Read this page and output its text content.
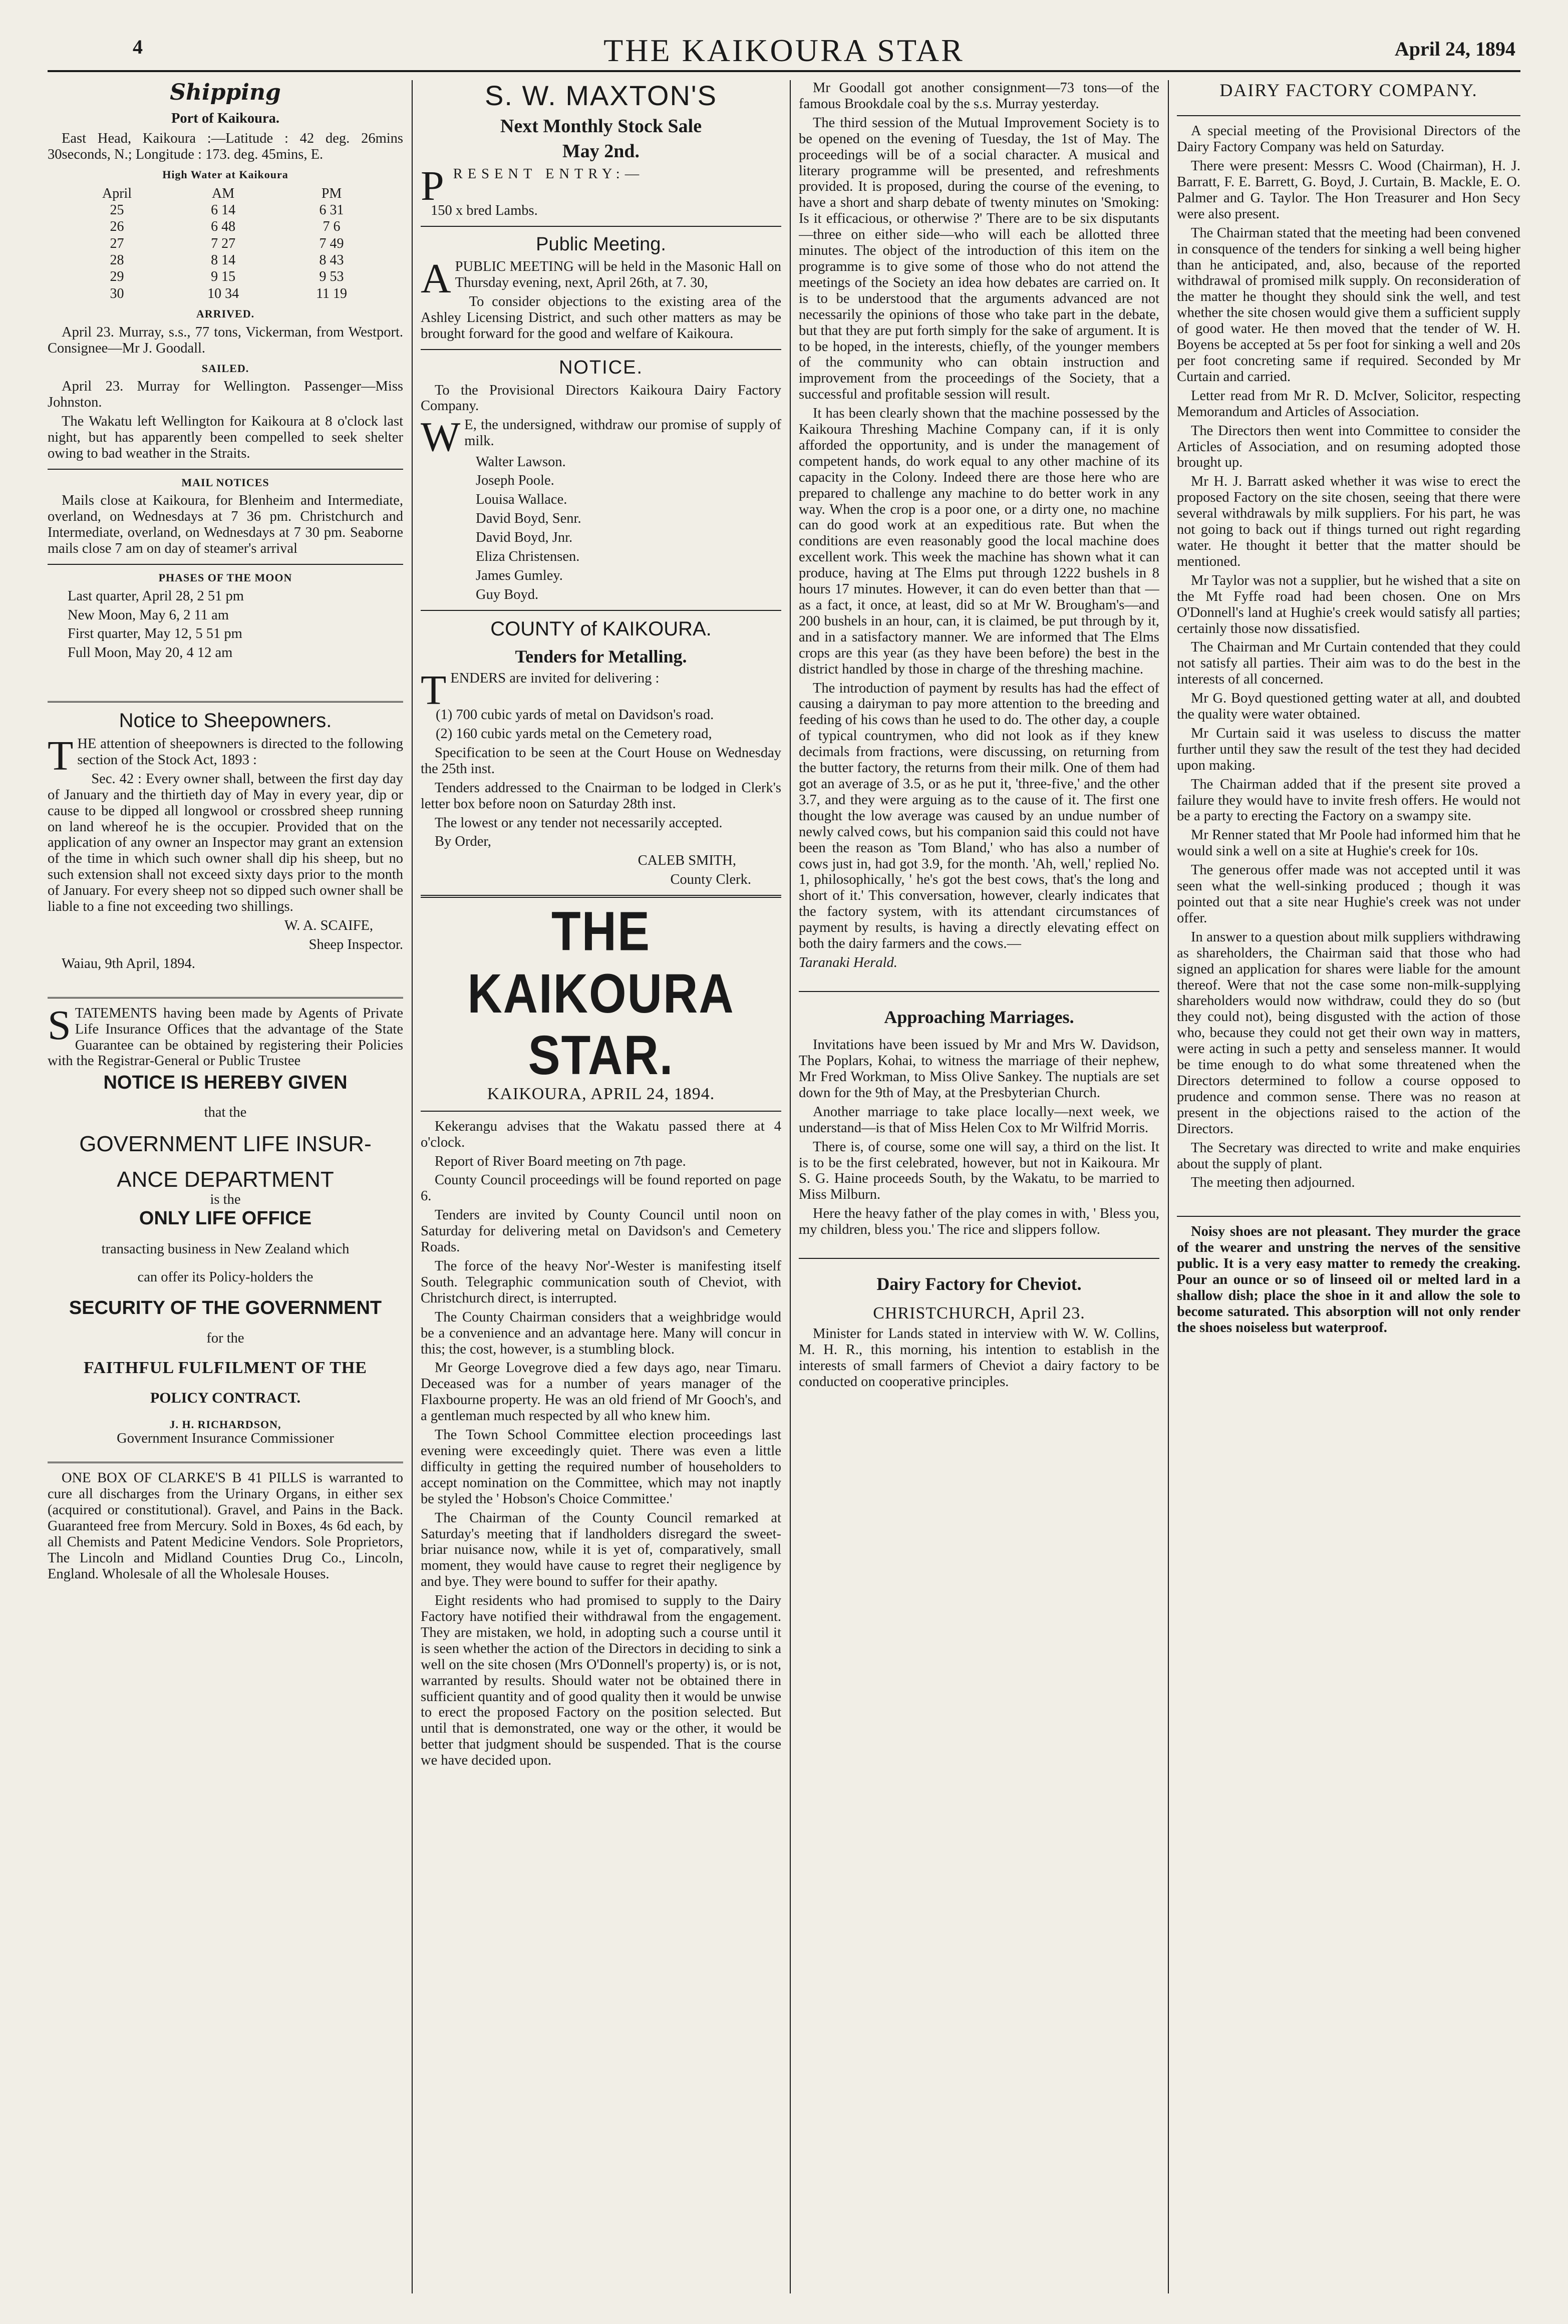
4	THE KAIKOURA STAR	April 24, 1894
Shipping
Port of Kaikoura.

East Head, Kaikoura :—Latitude : 42 deg. 26mins 30seconds, N.; Longitude : 173. deg. 45mins, E.

High Water at Kaikoura
April	AM	PM
25	6 14	6 31
26	6 48	7 6
27	7 27	7 49
28	8 14	8 43
29	9 15	9 53
30	10 34	11 19
ARRIVED.

April 23. Murray, s.s., 77 tons, Vickerman, from Westport. Consignee—Mr J. Goodall.

SAILED.

April 23. Murray for Wellington. Passenger—Miss Johnston.

The Wakatu left Wellington for Kaikoura at 8 o'clock last night, but has apparently been compelled to seek shelter owing to bad weather in the Straits.

MAIL NOTICES

Mails close at Kaikoura, for Blenheim and Intermediate, overland, on Wednesdays at 7 36 pm. Christchurch and Intermediate, overland, on Wednesdays at 7 30 pm. Seaborne mails close 7 am on day of steamer's arrival

PHASES OF THE MOON

Last quarter, April 28, 2 51 pm

New Moon, May 6, 2 11 am

First quarter, May 12, 5 51 pm

Full Moon, May 20, 4 12 am

Notice to Sheepowners.

THE attention of sheepowners is directed to the following section of the Stock Act, 1893 :

Sec. 42 : Every owner shall, between the first day day of January and the thirtieth day of May in every year, dip or cause to be dipped all longwool or crossbred sheep running on land whereof he is the occupier. Provided that on the application of any owner an Inspector may grant an extension of the time in which such owner shall dip his sheep, but no such extension shall not exceed sixty days prior to the month of January. For every sheep not so dipped such owner shall be liable to a fine not exceeding two shillings.

W. A. SCAIFE,

Sheep Inspector.

Waiau, 9th April, 1894.

STATEMENTS having been made by Agents of Private Life Insurance Offices that the advantage of the State Guarantee can be obtained by registering their Policies with the Registrar-General or Public Trustee

NOTICE IS HEREBY GIVEN
that the
GOVERNMENT LIFE INSUR-
ANCE DEPARTMENT
is the
ONLY LIFE OFFICE
transacting business in New Zealand which
can offer its Policy-holders the
SECURITY OF THE GOVERNMENT
for the
FAITHFUL FULFILMENT OF THE
POLICY CONTRACT.
J. H. RICHARDSON,
Government Insurance Commissioner

ONE BOX OF CLARKE'S B 41 PILLS is warranted to cure all discharges from the Urinary Organs, in either sex (acquired or constitutional). Gravel, and Pains in the Back. Guaranteed free from Mercury. Sold in Boxes, 4s 6d each, by all Chemists and Patent Medicine Vendors. Sole Proprietors, The Lincoln and Midland Counties Drug Co., Lincoln, England. Wholesale of all the Wholesale Houses.

S. W. MAXTON'S
Next Monthly Stock Sale
May 2nd.

PRESENT ENTRY:—

150 x bred Lambs.

Public Meeting.

APUBLIC MEETING will be held in the Masonic Hall on Thursday evening, next, April 26th, at 7. 30,

To consider objections to the existing area of the Ashley Licensing District, and such other matters as may be brought forward for the good and welfare of Kaikoura.

NOTICE.

To the Provisional Directors Kaikoura Dairy Factory Company.

W E, the undersigned, withdraw our promise of supply of milk.

Walter Lawson.

Joseph Poole.

Louisa Wallace.

David Boyd, Senr.

David Boyd, Jnr.

Eliza Christensen.

James Gumley.

Guy Boyd.

COUNTY of KAIKOURA.
Tenders for Metalling.

TENDERS are invited for delivering :

(1) 700 cubic yards of metal on Davidson's road.

(2) 160 cubic yards metal on the Cemetery road,

Specification to be seen at the Court House on Wednesday the 25th inst.

Tenders addressed to the Cnairman to be lodged in Clerk's letter box before noon on Saturday 28th inst.

The lowest or any tender not necessarily accepted.

By Order,

CALEB SMITH,

County Clerk.

THE KAIKOURA STAR.
KAIKOURA, APRIL 24, 1894.

Kekerangu advises that the Wakatu passed there at 4 o'clock.

Report of River Board meeting on 7th page.

County Council proceedings will be found reported on page 6.

Tenders are invited by County Council until noon on Saturday for delivering metal on Davidson's and Cemetery Roads.

The force of the heavy Nor'-Wester is manifesting itself South. Telegraphic communication south of Cheviot, with Christchurch direct, is interrupted.

The County Chairman considers that a weighbridge would be a convenience and an advantage here. Many will concur in this; the cost, however, is a stumbling block.

Mr George Lovegrove died a few days ago, near Timaru. Deceased was for a number of years manager of the Flaxbourne property. He was an old friend of Mr Gooch's, and a gentleman much respected by all who knew him.

The Town School Committee election proceedings last evening were exceedingly quiet. There was even a little difficulty in getting the required number of householders to accept nomination on the Committee, which may not inaptly be styled the ' Hobson's Choice Committee.'

The Chairman of the County Council remarked at Saturday's meeting that if landholders disregard the sweet-briar nuisance now, while it is yet of, comparatively, small moment, they would have cause to regret their negligence by and bye. They were bound to suffer for their apathy.

Eight residents who had promised to supply to the Dairy Factory have notified their withdrawal from the engagement. They are mistaken, we hold, in adopting such a course until it is seen whether the action of the Directors in deciding to sink a well on the site chosen (Mrs O'Donnell's property) is, or is not, warranted by results. Should water not be obtained there in sufficient quantity and of good quality then it would be unwise to erect the proposed Factory on the position selected. But until that is demonstrated, one way or the other, it would be better that judgment should be suspended. That is the course we have decided upon.

Mr Goodall got another consignment—73 tons—of the famous Brookdale coal by the s.s. Murray yesterday.

The third session of the Mutual Improvement Society is to be opened on the evening of Tuesday, the 1st of May. The proceedings will be of a social character. A musical and literary programme will be presented, and refreshments provided. It is proposed, during the course of the evening, to have a short and sharp debate of twenty minutes on 'Smoking: Is it efficacious, or otherwise ?' There are to be six disputants—three on either side—who will each be allotted three minutes. The object of the introduction of this item on the programme is to give some of those who do not attend the meetings of the Society an idea how debates are carried on. It is to be understood that the arguments advanced are not necessarily the opinions of those who take part in the debate, but that they are put forth simply for the sake of argument. It is to be hoped, in the interests, chiefly, of the younger members of the community who can obtain instruction and improvement from the proceedings of the Society, that a successful and profitable session will result.

It has been clearly shown that the machine possessed by the Kaikoura Threshing Machine Company can, if it is only afforded the opportunity, and is under the management of competent hands, do work equal to any other machine of its capacity in the Colony. Indeed there are those here who are prepared to challenge any machine to do better work in any way. When the crop is a poor one, or a dirty one, no machine can do good work at an expeditious rate. But when the conditions are even reasonably good the local machine does excellent work. This week the machine has shown what it can produce, having at The Elms put through 1222 bushels in 8 hours 17 minutes. However, it can do even better than that —as a fact, it once, at least, did so at Mr W. Brougham's—and 200 bushels in an hour, can, it is claimed, be put through by it, and in a satisfactory manner. We are informed that The Elms crops are this year (as they have been before) the best in the district handled by those in charge of the threshing machine.

The introduction of payment by results has had the effect of causing a dairyman to pay more attention to the breeding and feeding of his cows than he used to do. The other day, a couple of typical countrymen, who did not look as if they knew decimals from fractions, were discussing, on returning from the butter factory, the returns from their milk. One of them had got an average of 3.5, or as he put it, 'three-five,' and the other 3.7, and they were arguing as to the cause of it. The first one thought the low average was caused by an undue number of newly calved cows, but his companion said this could not have been the reason as 'Tom Bland,' who has also a number of cows just in, had got 3.9, for the month. 'Ah, well,' replied No. 1, philosophically, ' he's got the best cows, that's the long and short of it.' This conversation, however, clearly indicates that the factory system, with its attendant circumstances of payment by results, is having a directly elevating effect on both the dairy farmers and the cows.—

Taranaki Herald.

Approaching Marriages.

Invitations have been issued by Mr and Mrs W. Davidson, The Poplars, Kohai, to witness the marriage of their nephew, Mr Fred Workman, to Miss Olive Sankey. The nuptials are set down for the 9th of May, at the Presbyterian Church.

Another marriage to take place locally—next week, we understand—is that of Miss Helen Cox to Mr Wilfrid Morris.

There is, of course, some one will say, a third on the list. It is to be the first celebrated, however, but not in Kaikoura. Mr S. G. Haine proceeds South, by the Wakatu, to be married to Miss Milburn.

Here the heavy father of the play comes in with, ' Bless you, my children, bless you.' The rice and slippers follow.

Dairy Factory for Cheviot.
CHRISTCHURCH, April 23.

Minister for Lands stated in interview with W. W. Collins, M. H. R., this morning, his intention to establish in the interests of small farmers of Cheviot a dairy factory to be conducted on cooperative principles.

DAIRY FACTORY COMPANY.

A special meeting of the Provisional Directors of the Dairy Factory Company was held on Saturday.

There were present: Messrs C. Wood (Chairman), H. J. Barratt, F. E. Barrett, G. Boyd, J. Curtain, B. Mackle, E. O. Palmer and G. Taylor. The Hon Treasurer and Hon Secy were also present.

The Chairman stated that the meeting had been convened in consquence of the tenders for sinking a well being higher than he anticipated, and, also, because of the reported withdrawal of promised milk supply. On reconsideration of the matter he thought they should sink the well, and test whether the site chosen would give them a sufficient supply of good water. He then moved that the tender of W. H. Boyens be accepted at 5s per foot for sinking a well and 20s per foot concreting same if required. Seconded by Mr Curtain and carried.

Letter read from Mr R. D. McIver, Solicitor, respecting Memorandum and Articles of Association.

The Directors then went into Committee to consider the Articles of Association, and on resuming adopted those brought up.

Mr H. J. Barratt asked whether it was wise to erect the proposed Factory on the site chosen, seeing that there were several withdrawals by milk suppliers. For his part, he was not going to back out if things turned out right regarding water. He thought it better that the matter should be mentioned.

Mr Taylor was not a supplier, but he wished that a site on the Mt Fyffe road had been chosen. One on Mrs O'Donnell's land at Hughie's creek would satisfy all parties; certainly those now dissatisfied.

The Chairman and Mr Curtain contended that they could not satisfy all parties. Their aim was to do the best in the interests of all concerned.

Mr G. Boyd questioned getting water at all, and doubted the quality were water obtained.

Mr Curtain said it was useless to discuss the matter further until they saw the result of the test they had decided upon making.

The Chairman added that if the present site proved a failure they would have to invite fresh offers. He would not be a party to erecting the Factory on a swampy site.

Mr Renner stated that Mr Poole had informed him that he would sink a well on a site at Hughie's creek for 10s.

The generous offer made was not accepted until it was seen what the well-sinking produced ; though it was pointed out that a site near Hughie's creek was not under offer.

In answer to a question about milk suppliers withdrawing as shareholders, the Chairman said that those who had signed an application for shares were liable for the amount thereof. Were that not the case some non-milk-supplying shareholders would now withdraw, could they do so (but they could not), being disgusted with the action of those who, because they could not get their own way in matters, were acting in such a petty and senseless manner. It would be time enough to do what some threatened when the Directors determined to follow a course opposed to prudence and common sense. There was no reason at present in the objections raised to the action of the Directors.

The Secretary was directed to write and make enquiries about the supply of plant.

The meeting then adjourned.

Noisy shoes are not pleasant. They murder the grace of the wearer and unstring the nerves of the sensitive public. It is a very easy matter to remedy the creaking. Pour an ounce or so of linseed oil or melted lard in a shallow dish; place the shoe in it and allow the sole to become saturated. This absorption will not only render the shoes noiseless but waterproof.
